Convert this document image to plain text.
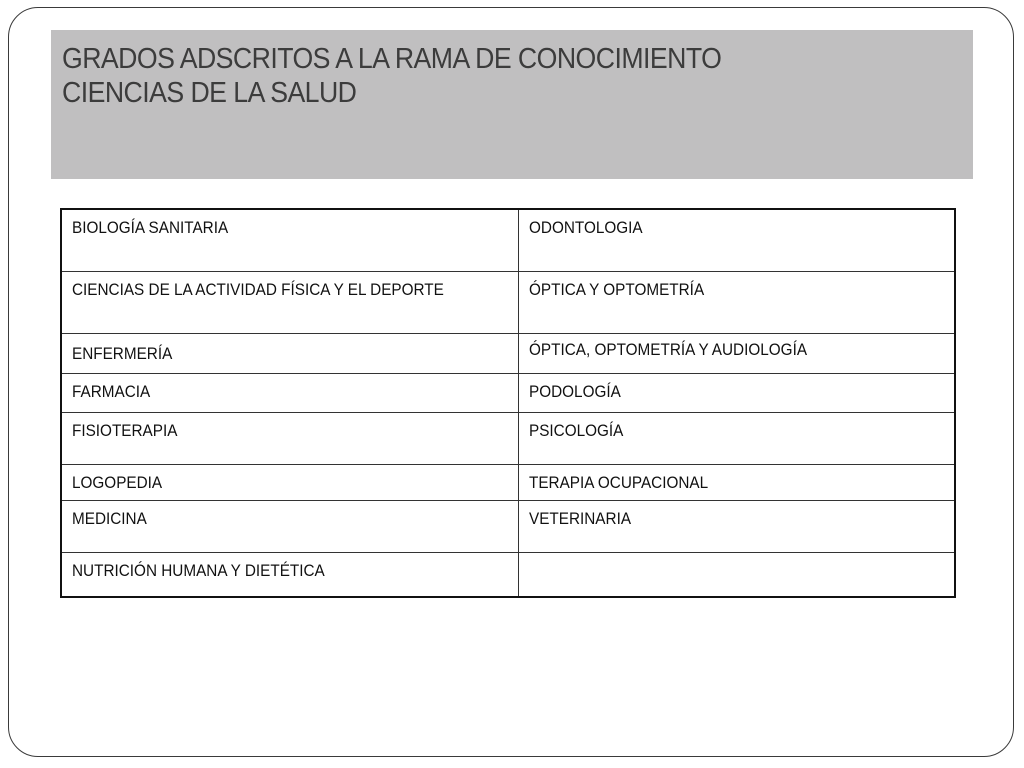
GRADOS ADSCRITOS A LA RAMA DE CONOCIMIENTO
CIENCIAS DE LA SALUD
BIOLOGÍA SANITARIA	ODONTOLOGIA
CIENCIAS DE LA ACTIVIDAD FÍSICA Y EL DEPORTE	ÓPTICA Y OPTOMETRÍA
ENFERMERÍA	ÓPTICA, OPTOMETRÍA Y AUDIOLOGÍA
FARMACIA	PODOLOGÍA
FISIOTERAPIA	PSICOLOGÍA
LOGOPEDIA	TERAPIA OCUPACIONAL
MEDICINA	VETERINARIA
NUTRICIÓN HUMANA Y DIETÉTICA	
